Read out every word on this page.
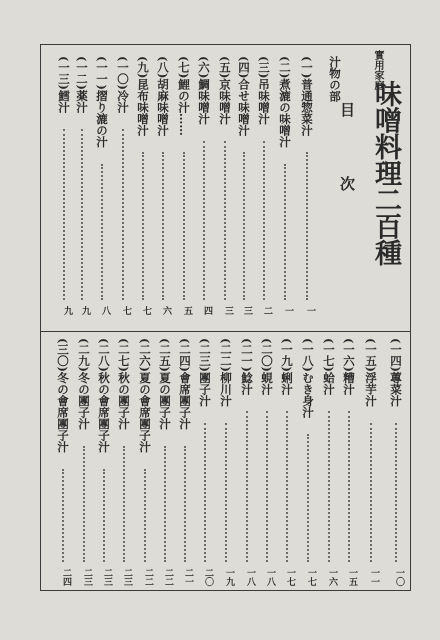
實用家庭
味噌料理二百種
目　次
汁物の部
(一)普通惣菜汁
一
(二)煮漉の味噌汁
一
(三)吊味噌汁
二
(四)合せ味噌汁
三
(五)京味噌汁
三
(六)鯛味噌汁
四
(七)鯉の汁……
五
(八)胡麻味噌汁
六
(九)昆布味噌汁
七
(一〇)冷汁
七
(一一)摺り漉の汁
八
(一二)薬汁
九
(一三)鱈汁
九
(一四)蓴菜汁
一〇
(一五)浮芋汁
一一
(一六)糟汁
一五
(一七)蛤汁
一六
(一八)むき身汁
一七
(一九)蜊汁
一七
(二〇)蜆汁
一八
(二一)鯰汁
一八
(二二)柳川汁
一九
(二三)團子汁
二〇
(二四)會席團子汁
二一
(二五)夏の團子汁
二二
(二六)夏の會席團子汁
二二
(二七)秋の團子汁
二三
(二八)秋の會席團子汁
二三
(二九)冬の團子汁
二三
(三〇)冬の會席團子汁
二四
